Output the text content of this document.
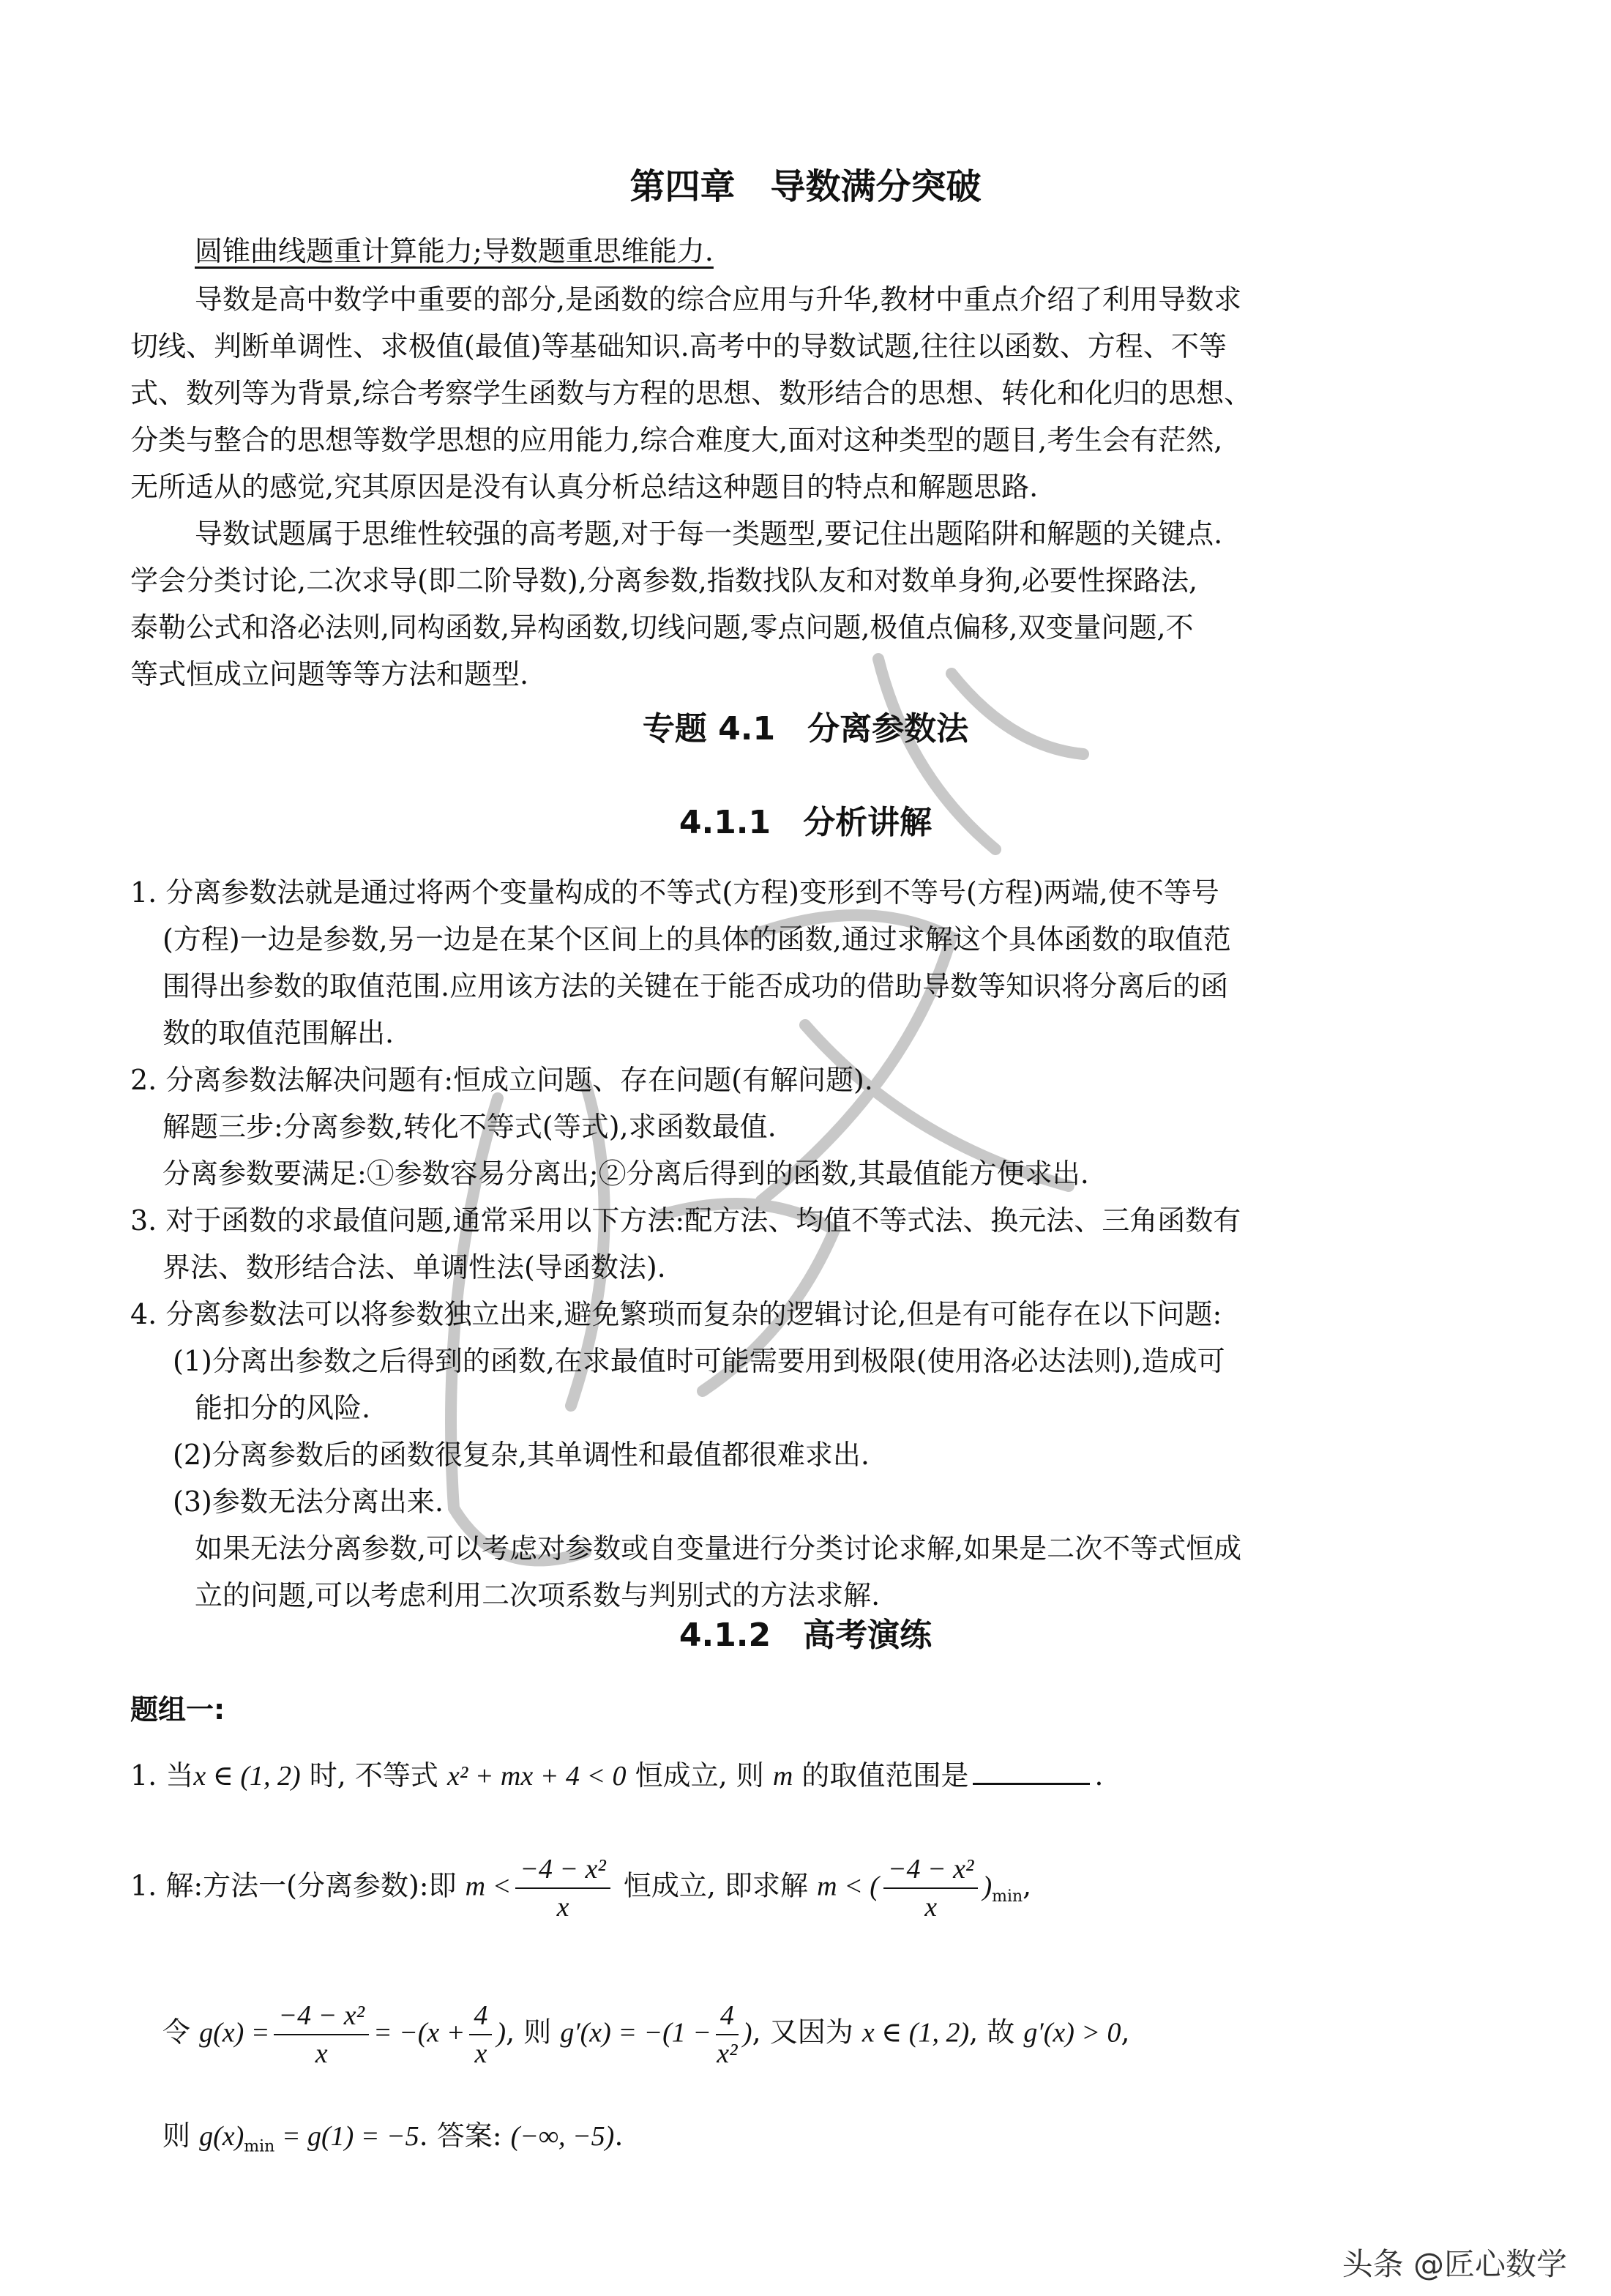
第四章　导数满分突破
圆锥曲线题重计算能力;导数题重思维能力.
导数是高中数学中重要的部分,是函数的综合应用与升华,教材中重点介绍了利用导数求
切线、判断单调性、求极值(最值)等基础知识.高考中的导数试题,往往以函数、方程、不等
式、数列等为背景,综合考察学生函数与方程的思想、数形结合的思想、转化和化归的思想、
分类与整合的思想等数学思想的应用能力,综合难度大,面对这种类型的题目,考生会有茫然,
无所适从的感觉,究其原因是没有认真分析总结这种题目的特点和解题思路.
导数试题属于思维性较强的高考题,对于每一类题型,要记住出题陷阱和解题的关键点.
学会分类讨论,二次求导(即二阶导数),分离参数,指数找队友和对数单身狗,必要性探路法,
泰勒公式和洛必法则,同构函数,异构函数,切线问题,零点问题,极值点偏移,双变量问题,不
等式恒成立问题等等方法和题型.
专题 4.1　分离参数法
4.1.1　分析讲解
1. 分离参数法就是通过将两个变量构成的不等式(方程)变形到不等号(方程)两端,使不等号
(方程)一边是参数,另一边是在某个区间上的具体的函数,通过求解这个具体函数的取值范
围得出参数的取值范围.应用该方法的关键在于能否成功的借助导数等知识将分离后的函
数的取值范围解出.
2. 分离参数法解决问题有:恒成立问题、存在问题(有解问题).
解题三步:分离参数,转化不等式(等式),求函数最值.
分离参数要满足:①参数容易分离出;②分离后得到的函数,其最值能方便求出.
3. 对于函数的求最值问题,通常采用以下方法:配方法、均值不等式法、换元法、三角函数有
界法、数形结合法、单调性法(导函数法).
4. 分离参数法可以将参数独立出来,避免繁琐而复杂的逻辑讨论,但是有可能存在以下问题:
(1)分离出参数之后得到的函数,在求最值时可能需要用到极限(使用洛必达法则),造成可
能扣分的风险.
(2)分离参数后的函数很复杂,其单调性和最值都很难求出.
(3)参数无法分离出来.
如果无法分离参数,可以考虑对参数或自变量进行分类讨论求解,如果是二次不等式恒成
立的问题,可以考虑利用二次项系数与判别式的方法求解.
4.1.2　高考演练
题组一:
1. 当x ∈ (1, 2) 时, 不等式 x² + mx + 4 < 0 恒成立, 则 m 的取值范围是	.
1. 解:方法一(分离参数):即 $m < \frac{\text{−4 − x²}}{x}$ 恒成立, 即求解 m < ( $\frac{\text{−4 − x²}}{x} )_{min}$,
令 $g(x) = \frac{\text{−4 − x²}}{x} = -(x + \frac{4}{x}$ ), 则 $g'(x) = -(1 - \frac{4}{\text{x²}}$ ), 又因为 x ∈ (1, 2), 故 g′(x) > 0,
则 $g(x)_{min} = g(1) = -5$. 答案: (−∞, −5).
头条 @匠心数学
